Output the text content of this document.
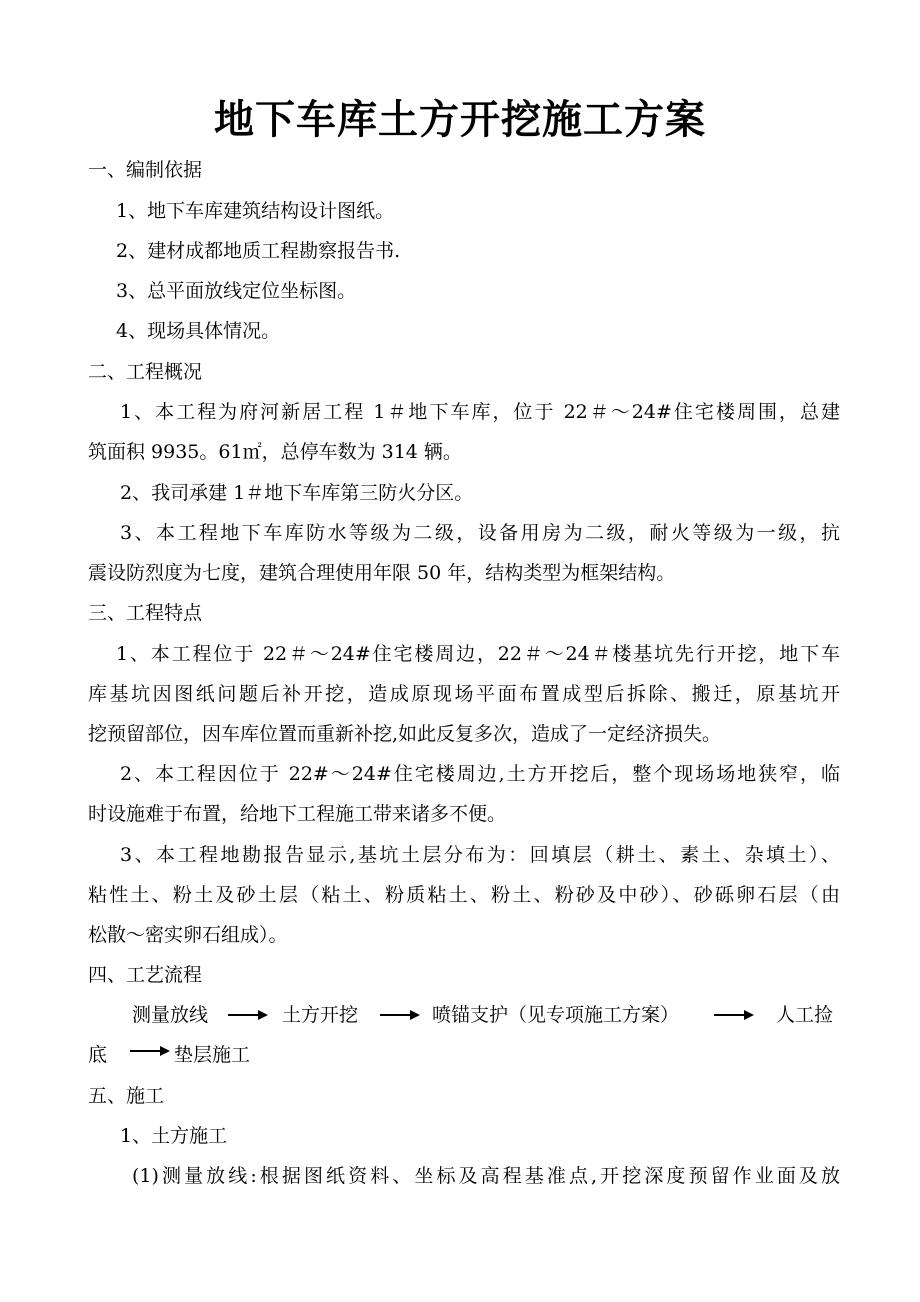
地下车库土方开挖施工方案
一、编制依据
1、地下车库建筑结构设计图纸。
2、建材成都地质工程勘察报告书.
3、总平面放线定位坐标图。
4、现场具体情况。
二、工程概况
1、本工程为府河新居工程 1＃地下车库，位于 22＃～24#住宅楼周围，总建
筑面积 9935。61㎡，总停车数为 314 辆。
2、我司承建 1＃地下车库第三防火分区。
3、本工程地下车库防水等级为二级，设备用房为二级，耐火等级为一级，抗
震设防烈度为七度，建筑合理使用年限 50 年，结构类型为框架结构。
三、工程特点
1、本工程位于 22＃～24#住宅楼周边，22＃～24＃楼基坑先行开挖，地下车
库基坑因图纸问题后补开挖，造成原现场平面布置成型后拆除、搬迁，原基坑开
挖预留部位，因车库位置而重新补挖,如此反复多次，造成了一定经济损失。
2、本工程因位于 22#～24#住宅楼周边,土方开挖后，整个现场场地狭窄，临
时设施难于布置，给地下工程施工带来诸多不便。
3、本工程地勘报告显示,基坑土层分布为：回填层（耕土、素土、杂填土）、
粘性土、粉土及砂土层（粘土、粉质粘土、粉土、粉砂及中砂）、砂砾卵石层（由
松散～密实卵石组成）。
四、工艺流程
测量放线	土方开挖	喷锚支护（见专项施工方案）	人工捡
底	垫层施工
五、施工
1、土方施工
(1)测量放线:根据图纸资料、坐标及高程基准点,开挖深度预留作业面及放
